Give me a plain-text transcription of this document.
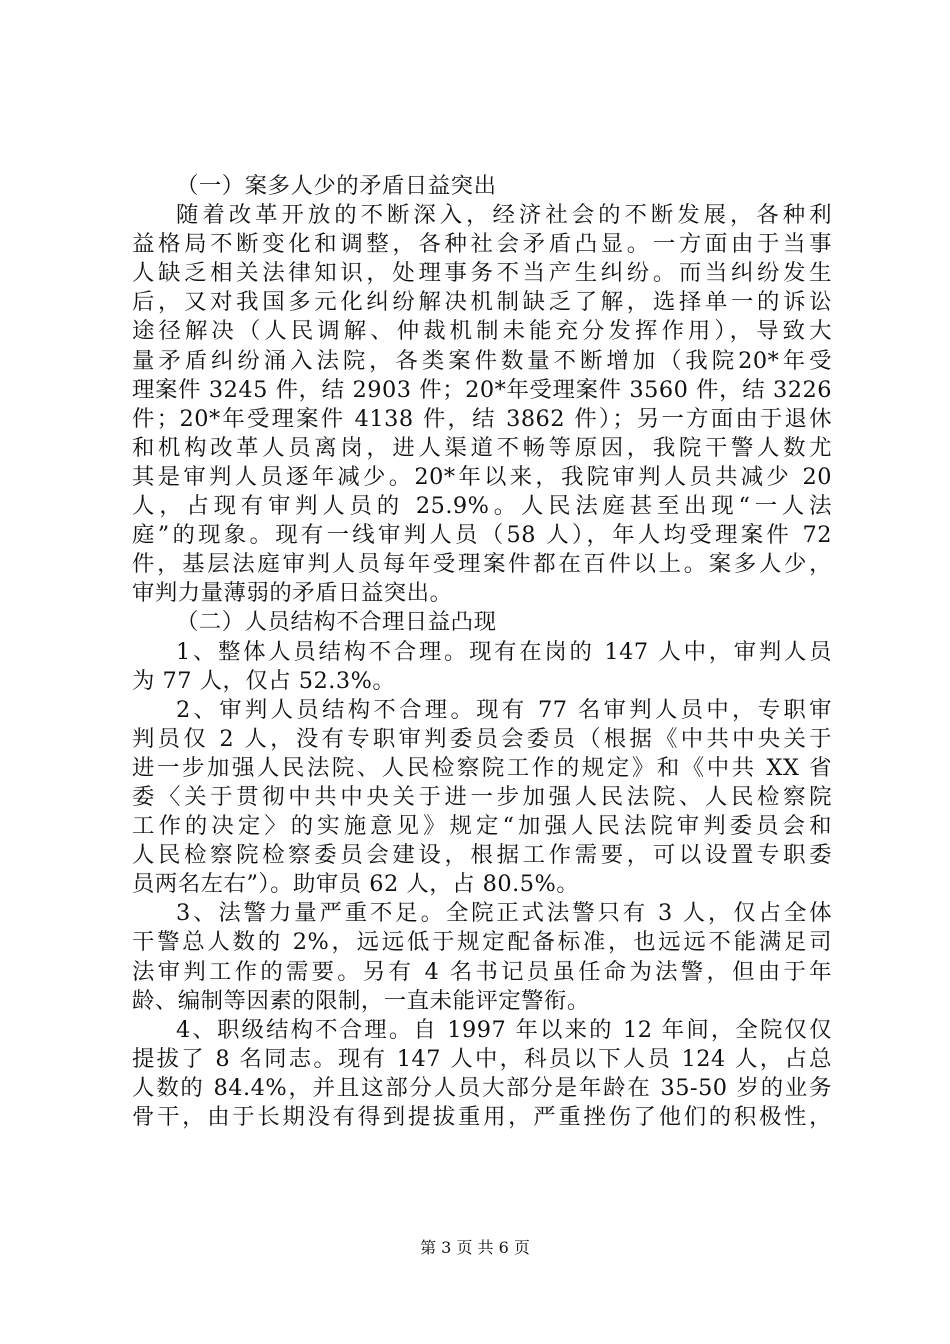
（一）案多人少的矛盾日益突出
随着改革开放的不断深入，经济社会的不断发展，各种利
益格局不断变化和调整，各种社会矛盾凸显。一方面由于当事
人缺乏相关法律知识，处理事务不当产生纠纷。而当纠纷发生
后，又对我国多元化纠纷解决机制缺乏了解，选择单一的诉讼
途径解决（人民调解、仲裁机制未能充分发挥作用），导致大
量矛盾纠纷涌入法院，各类案件数量不断增加（我院20*年受
理案件 3245 件，结 2903 件；20*年受理案件 3560 件，结 3226
件；20*年受理案件 4138 件，结 3862 件）；另一方面由于退休
和机构改革人员离岗，进人渠道不畅等原因，我院干警人数尤
其是审判人员逐年减少。20*年以来，我院审判人员共减少 20
人，占现有审判人员的 25.9%。人民法庭甚至出现“一人法
庭”的现象。现有一线审判人员（58 人），年人均受理案件 72
件，基层法庭审判人员每年受理案件都在百件以上。案多人少，
审判力量薄弱的矛盾日益突出。
（二）人员结构不合理日益凸现
1、整体人员结构不合理。现有在岗的 147 人中，审判人员
为 77 人，仅占 52.3%。
2、审判人员结构不合理。现有 77 名审判人员中，专职审
判员仅 2 人，没有专职审判委员会委员（根据《中共中央关于
进一步加强人民法院、人民检察院工作的规定》和《中共 XX 省
委〈关于贯彻中共中央关于进一步加强人民法院、人民检察院
工作的决定〉的实施意见》规定“加强人民法院审判委员会和
人民检察院检察委员会建设，根据工作需要，可以设置专职委
员两名左右”）。助审员 62 人，占 80.5%。
3、法警力量严重不足。全院正式法警只有 3 人，仅占全体
干警总人数的 2%，远远低于规定配备标准，也远远不能满足司
法审判工作的需要。另有 4 名书记员虽任命为法警，但由于年
龄、编制等因素的限制，一直未能评定警衔。
4、职级结构不合理。自 1997 年以来的 12 年间，全院仅仅
提拔了 8 名同志。现有 147 人中，科员以下人员 124 人，占总
人数的 84.4%，并且这部分人员大部分是年龄在 35-50 岁的业务
骨干，由于长期没有得到提拔重用，严重挫伤了他们的积极性，
第 3 页 共 6 页
